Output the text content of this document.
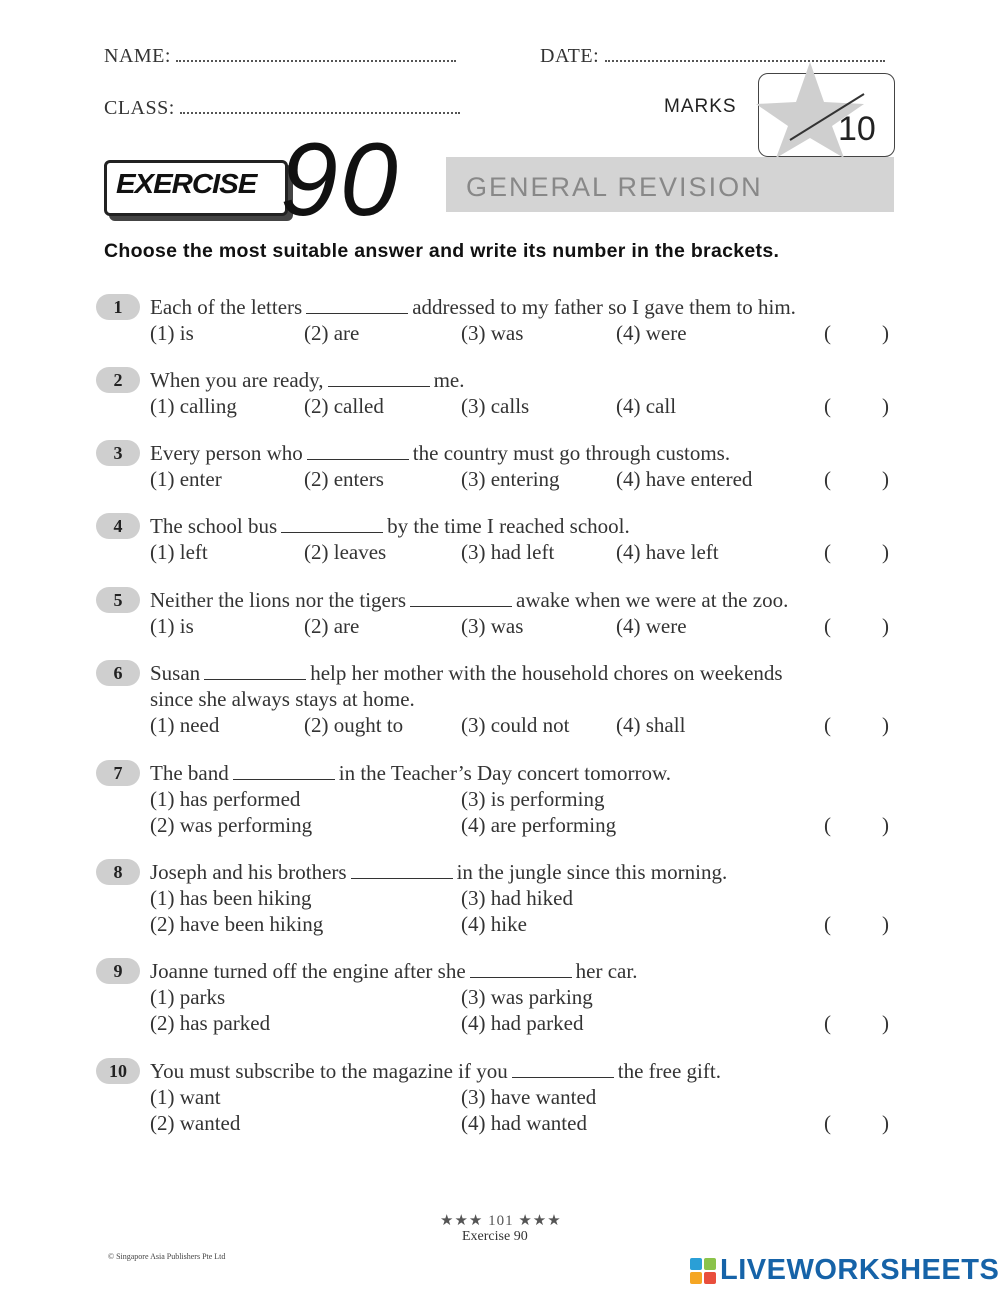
NAME:	DATE:
CLASS:	MARKS
10
EXERCISE 90 GENERAL REVISION
Choose the most suitable answer and write its number in the brackets.
1	Each of the letters	addressed to my father so I gave them to him.
(1) is	(2) are	(3) was	(4) were	( )
2	When you are ready,	me.
(1) calling	(2) called	(3) calls	(4) call	( )
3	Every person who	the country must go through customs.
(1) enter	(2) enters	(3) entering	(4) have entered	( )
4	The school bus	by the time I reached school.
(1) left	(2) leaves	(3) had left	(4) have left	( )
5	Neither the lions nor the tigers	awake when we were at the zoo.
(1) is	(2) are	(3) was	(4) were	( )
6	Susan	help her mother with the household chores on weekends
since she always stays at home.
(1) need	(2) ought to	(3) could not (4) shall	( )
7	The band	in the Teacher’s Day concert tomorrow.
(1) has performed	(3) is performing
(2) was performing	(4) are performing	( )
8	Joseph and his brothers	in the jungle since this morning.
(1) has been hiking	(3) had hiked
(2) have been hiking	(4) hike	( )
9	Joanne turned off the engine after she	her car.
(1) parks	(3) was parking
(2) has parked	(4) had parked	( )
10	You must subscribe to the magazine if you	the free gift.
(1) want	(3) have wanted
(2) wanted	(4) had wanted	( )
★★★ 101 ★★★
Exercise 90
© Singapore Asia Publishers Pte Ltd	LIVEWORKSHEETS
